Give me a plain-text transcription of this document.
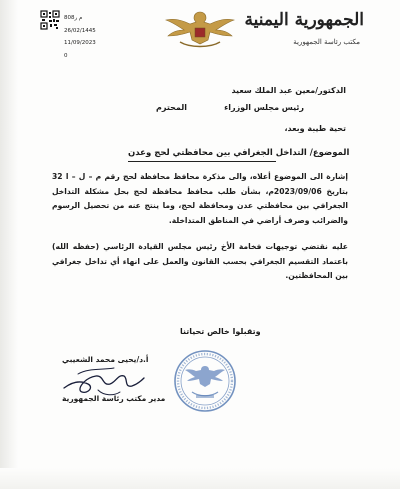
808م ر
26/02/1445
11/09/2023
0
الجمهورية اليمنية
مكتب رئاسة الجمهورية
الدكتور/معين عبد الملك سعيد
رئيس مجلس الوزراء
المحترم
تحية طيبة وبعد،
الموضوع/ التداخل الجغرافي بين محافظتي لحج وعدن
إشارة الى الموضوع أعلاه، والى مذكرة محافظ محافظة لحج رقم م – ل – ا 32 بتاريخ 2023/09/06م، بشأن طلب محافظ محافظة لحج بحل مشكلة التداخل الجغرافي بين محافظتي عدن ومحافظة لحج، وما ينتج عنه من تحصيل الرسوم والضرائب وصرف أراضي في المناطق المتداخلة.
عليه نقتضي توجيهات فخامة الأخ رئيس مجلس القيادة الرئاسي (حفظه الله) باعتماد التقسيم الجغرافي بحسب القانون والعمل على انهاء أي تداخل جغرافي بين المحافظتين.
وتقبلوا خالص تحياتنا
أ.د/يحيى محمد الشعيبي
مدير مكتب رئاسة الجمهورية
